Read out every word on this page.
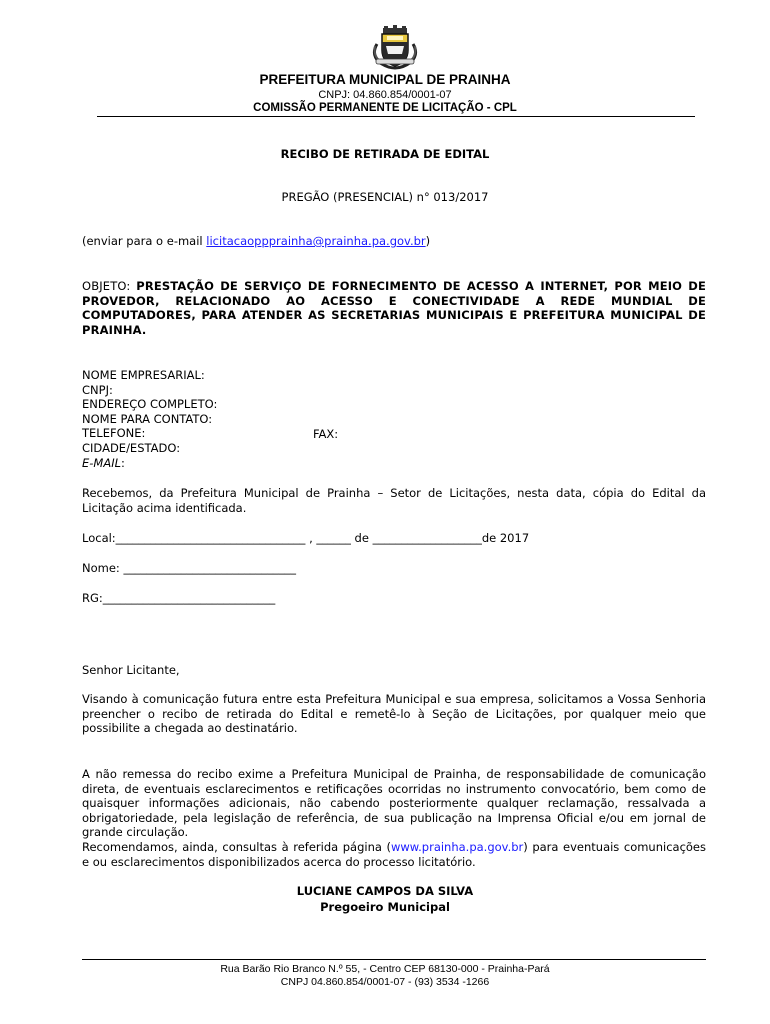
PREFEITURA MUNICIPAL DE PRAINHA
CNPJ: 04.860.854/0001-07
COMISSÃO PERMANENTE DE LICITAÇÃO - CPL
RECIBO DE RETIRADA DE EDITAL
PREGÃO (PRESENCIAL) n° 013/2017
(enviar para o e-mail licitacaoppprainha@prainha.pa.gov.br)
OBJETO: PRESTAÇÃO DE SERVIÇO DE FORNECIMENTO DE ACESSO A INTERNET, POR MEIO DE PROVEDOR, RELACIONADO AO ACESSO E CONECTIVIDADE A REDE MUNDIAL DE COMPUTADORES, PARA ATENDER AS SECRETARIAS MUNICIPAIS E PREFEITURA MUNICIPAL DE PRAINHA.
NOME EMPRESARIAL:
CNPJ:
ENDEREÇO COMPLETO:
NOME PARA CONTATO:
TELEFONE:
CIDADE/ESTADO:
E-MAIL:
FAX:
Recebemos, da Prefeitura Municipal de Prainha – Setor de Licitações, nesta data, cópia do Edital da Licitação acima identificada.
Local:_________________________________ , ______ de ___________________de 2017
Nome: ______________________________
RG:______________________________
Senhor Licitante,
Visando à comunicação futura entre esta Prefeitura Municipal e sua empresa, solicitamos a Vossa Senhoria preencher o recibo de retirada do Edital e remetê-lo à Seção de Licitações, por qualquer meio que possibilite a chegada ao destinatário.
A não remessa do recibo exime a Prefeitura Municipal de Prainha, de responsabilidade de comunicação direta, de eventuais esclarecimentos e retificações ocorridas no instrumento convocatório, bem como de quaisquer informações adicionais, não cabendo posteriormente qualquer reclamação, ressalvada a obrigatoriedade, pela legislação de referência, de sua publicação na Imprensa Oficial e/ou em jornal de grande circulação.
Recomendamos, ainda, consultas à referida página (www.prainha.pa.gov.br) para eventuais comunicações e ou esclarecimentos disponibilizados acerca do processo licitatório.
LUCIANE CAMPOS DA SILVA
Pregoeiro Municipal
Rua Barão Rio Branco N.º 55, - Centro CEP 68130-000 - Prainha-Pará
CNPJ 04.860.854/0001-07 - (93) 3534 -1266
